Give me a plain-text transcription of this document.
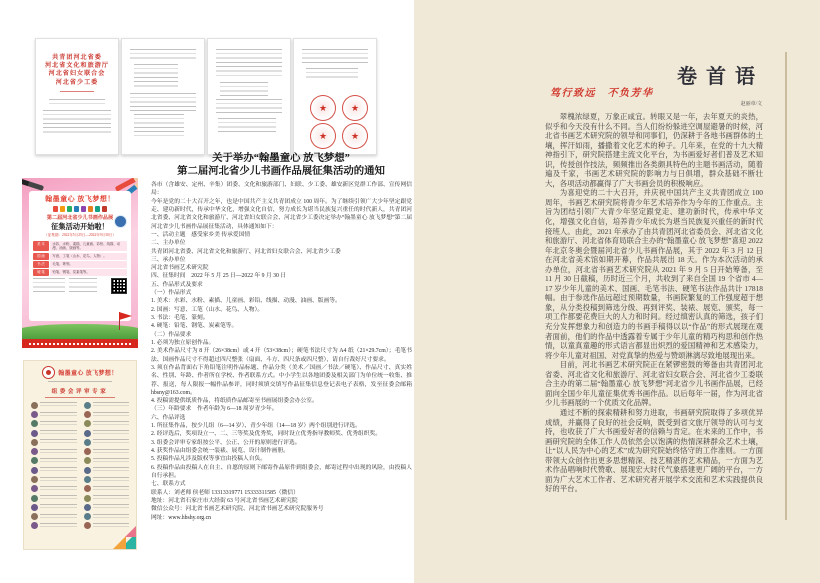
卷首语
笃行致远　不负芳华
赵丽章/文

翠槐浓绿夏，万象正咸宜。转眼又是一年，去年夏天的炎热，似乎和今天没有什么不同。当人们纷纷躲进空调屋避暑的时候，河北省书画艺术研究院的领导和同事们，仍深耕于各地书画群体的土壤，挥汗如雨，播撒着文化艺术的种子。几年来，在党的十九大精神指引下，研究院搭建主流文化平台，为书画爱好者们普及艺术知识，传授创作技法，频频推出各类颇具特色的主题书画活动，随着遍及千家，书画艺术研究院的影响力与日俱增，群众基础不断壮大，各项活动都赢得了广大书画会员的积极响应。

为喜迎党的二十大召开，并庆祝中国共产主义共青团成立 100 周年，书画艺术研究院将青少年艺术培养作为今年的工作重点。主旨为团结引领广大青少年坚定跟党走、建功新时代，传承中华文化，增强文化自信，培养青少年成长为堪当民族复兴重任的新时代接班人。由此，2021 年承办了由共青团河北省委员会、河北省文化和旅游厅、河北省体育局联合主办的“翰墨童心 放飞梦想”喜迎 2022 年北京冬奥会暨届河北省少儿书画作品展，其于 2022 年 3 月 12 日在河北省美术馆如期开幕，作品共展出 18 天。作为本次活动的承办单位，河北省书画艺术研究院从 2021 年 9 月 5 日开始筹备，至 11 月 30 日截稿，历时近三个月，共收到了来自全国 19 个省市 4—17 岁少年儿童的美术、国画、毛笔书法、硬笔书法作品共计 17818 幅。由于参选作品远超过预期数量，书画院繁复的工作强度超于想象，从分类投稿到筛选分级、再到评奖、装裱、展览、颁奖，每一项工作都要花费巨大的人力和时间。经过缜密认真的筛选，孩子们充分发挥想象力和创造力的书画手稿得以以“作品”的形式展现在观者面前，他们的作品中透露着专属于少年儿童的精巧构思和创作热情，以童真童趣的形式语言都显出炽烈的爱国精神和艺术感染力，将少年儿童对祖国、对党真挚的热爱与赞颂淋漓尽致地展现出来。

目前，河北书画艺术研究院正在紧锣密鼓的筹备由共青团河北省委、河北省文化和旅游厅、河北省妇女联合会、河北省少工委联合主办的第二届“翰墨童心 放飞梦想”河北省少儿书画作品展，已经面向全国少年儿童征集优秀书画作品。以后每年一届，作为河北省少儿书画展的一个优质文化品牌。

通过不断的探索精耕和努力进取，书画研究院取得了多项优异成绩，并赢得了良好的社会反响，既受到省文旅厅领导的认可与支持，也收获了广大书画爱好者的信赖与肯定。在未来的工作中，书画研究院的全体工作人员依然会以饱满的热情深耕群众艺术土壤，让“以人民为中心的艺术”成为研究院始终恪守的工作准则。一方面带领大众创作出更多思想精深、技艺精湛的艺术精品，一方面为艺术作品唱响时代赞歌、展现宏大时代气象搭建更广阔的平台，一方面为广大艺术工作者、艺术研究者开展学术交流和艺术实践提供良好的平台。

共青团河北省委
河北省文化和旅游厅
河北省妇女联合会
河北省少工委
★	★
★	★
关于举办“翰墨童心 放飞梦想”
第二届河北省少儿书画作品展征集活动的通知
各市（含雄安、定州、辛集）团委、文化和旅游部门、妇联、少工委、雄安新区党群工作部、宣传网信局：
今年是党的二十大召开之年，也是中国共产主义共青团成立 100 周年。为了继续引领广大少年坚定跟党走、建功新时代，传承中华文化，增强文化自信，努力成长为堪当民族复兴重任的时代新人，共青团河北省委、河北省文化和旅游厅、河北省妇女联合会、河北省少工委决定举办“翰墨童心 放飞梦想”第二届河北省少儿书画作品展征集活动，具体通知如下：
一、活动主题　感受家乡美 传承爱国情
二、主办单位
共青团河北省委、河北省文化和旅游厅、河北省妇女联合会、河北省少工委
三、承办单位
河北省书画艺术研究院
四、征集时间　2022 年 5 月 25 日—2022 年 9 月 30 日
五、作品形式及要求
（一）作品形式
1. 美术：水彩、水粉、素描、儿童画、彩铅、线描、动漫、油画、版画等。
2. 国画：写意、工笔（山水、花鸟、人物）。
3. 书法：毛笔、篆刻。
4. 硬笔：铅笔、钢笔、炭素笔等。
（二）作品要求
1. 必须为独立原创作品。
2. 美术作品尺寸为 8 开（26×38cm）或 4 开（53×38cm）；硬笔书法尺寸为 A4 纸（21×29.7cm）；毛笔书法、国画作品尺寸不得超过四尺整张（扇面、斗方、四尺条或四尺整），请自行裁好尺寸要求。
3. 须在作品背面右下角铅笔注明作品标题、作品分类（美术／国画／书法／硬笔）、作品尺寸、真实姓名、性别、年龄、作者所在学校、作者联系方式。中小学生以各地团委及相关部门为单位统一收集、推荐、报送，每人限报一幅作品参评，同时须填交填写作品征集信息登记表电子表格，发至征委会邮箱 hbsny@163.com。
4. 投稿需提供纸质作品，将纸质作品邮寄至书画展组委会办公室。
（三）年龄要求　作者年龄为 6—18 周岁青少年。
六、作品评选
1. 所征集作品，按少儿组（6—14 岁）、青少年组（14—18 岁）两个组别进行评选。
2. 经评选后，奖项设立一、二、三等奖及优秀奖，同时设立优秀指导教师奖、优秀组织奖。
3. 组委会评审专家组按公平、公正、公开的原则进行评选。
4. 获奖作品由组委会统一装裱、展览、设计制作画册。
5. 投稿作品凡涉及版权等事宜由投稿人自负。
6. 投稿作品由投稿人在自主、自愿的原则下邮寄作品原件到组委会，邮寄过程中出现的风险，由投稿人自行承担。
七、联系方式
联系人：刘老师 侯老师 13313319771 15333311585（微信）
地址：河北省石家庄市大经街 63 号河北省书画艺术研究院
微信公众号：河北省书画艺术研究院、河北省书画艺术研究院服务号
网址：www.hbshy.org.cn
翰墨童心 放飞梦想！
第二届河北省少儿书画作品展
征集活动开始啦！
（征集期：2022年5月25日—2022年9月30日）
美 术	水彩、水粉、素描、儿童画、彩铅、线描、动漫、油画、版画等。
国 画	写意、工笔（山水、花鸟、人物）。
书 法	毛笔、篆刻。
硬 笔	铅笔、钢笔、炭素笔等。
翰墨童心 放飞梦想！
组委会评审专家
